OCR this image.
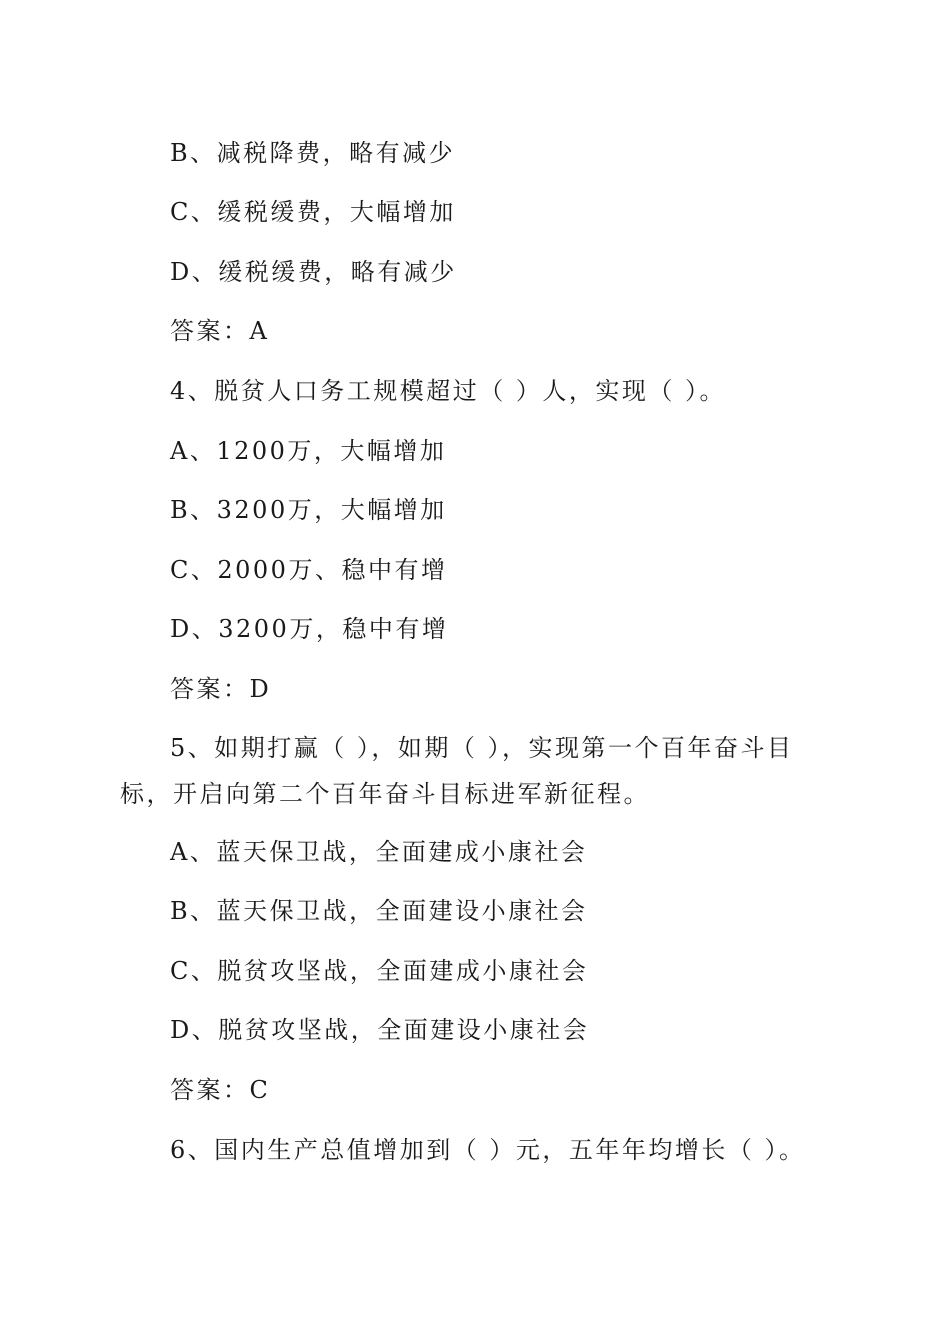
B、减税降费，略有减少
C、缓税缓费，大幅增加
D、缓税缓费，略有减少
答案：A
4、脱贫人口务工规模超过（ ）人，实现（ ）。
A、1200万，大幅增加
B、3200万，大幅增加
C、2000万、稳中有增
D、3200万，稳中有增
答案：D
5、如期打赢（ ），如期（ ），实现第一个百年奋斗目标，开启向第二个百年奋斗目标进军新征程。
A、蓝天保卫战，全面建成小康社会
B、蓝天保卫战，全面建设小康社会
C、脱贫攻坚战，全面建成小康社会
D、脱贫攻坚战，全面建设小康社会
答案：C
6、国内生产总值增加到（ ）元，五年年均增长（ ）。
